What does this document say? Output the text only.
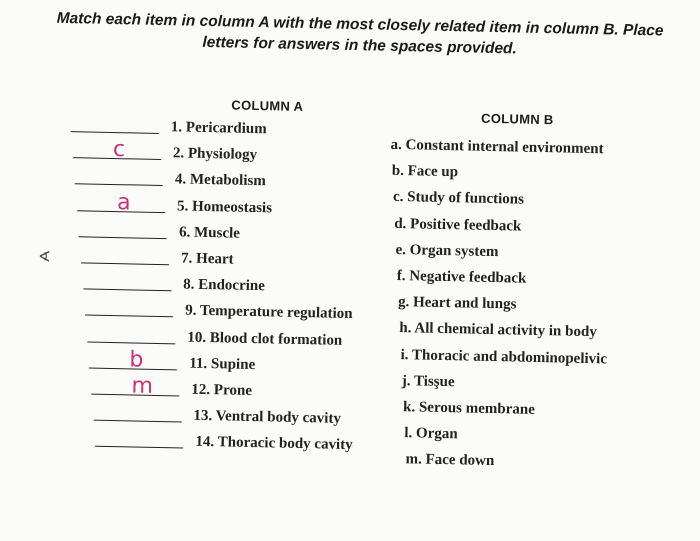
Match each item in column A with the most closely related item in column B. Place letters for answers in the spaces provided.
COLUMN A
COLUMN B
∢
1. Pericardium
c	2. Physiology
4. Metabolism
a	5. Homeostasis
6. Muscle
7. Heart
8. Endocrine
9. Temperature regulation
10. Blood clot formation
b	11. Supine
m	12. Prone
13. Ventral body cavity
14. Thoracic body cavity
a. Constant internal environment
b. Face up
c. Study of functions
d. Positive feedback
e. Organ system
f. Negative feedback
g. Heart and lungs
h. All chemical activity in body
i. Thoracic and abdominopelivic
j. Tisşue
k. Serous membrane
l. Organ
m. Face down
